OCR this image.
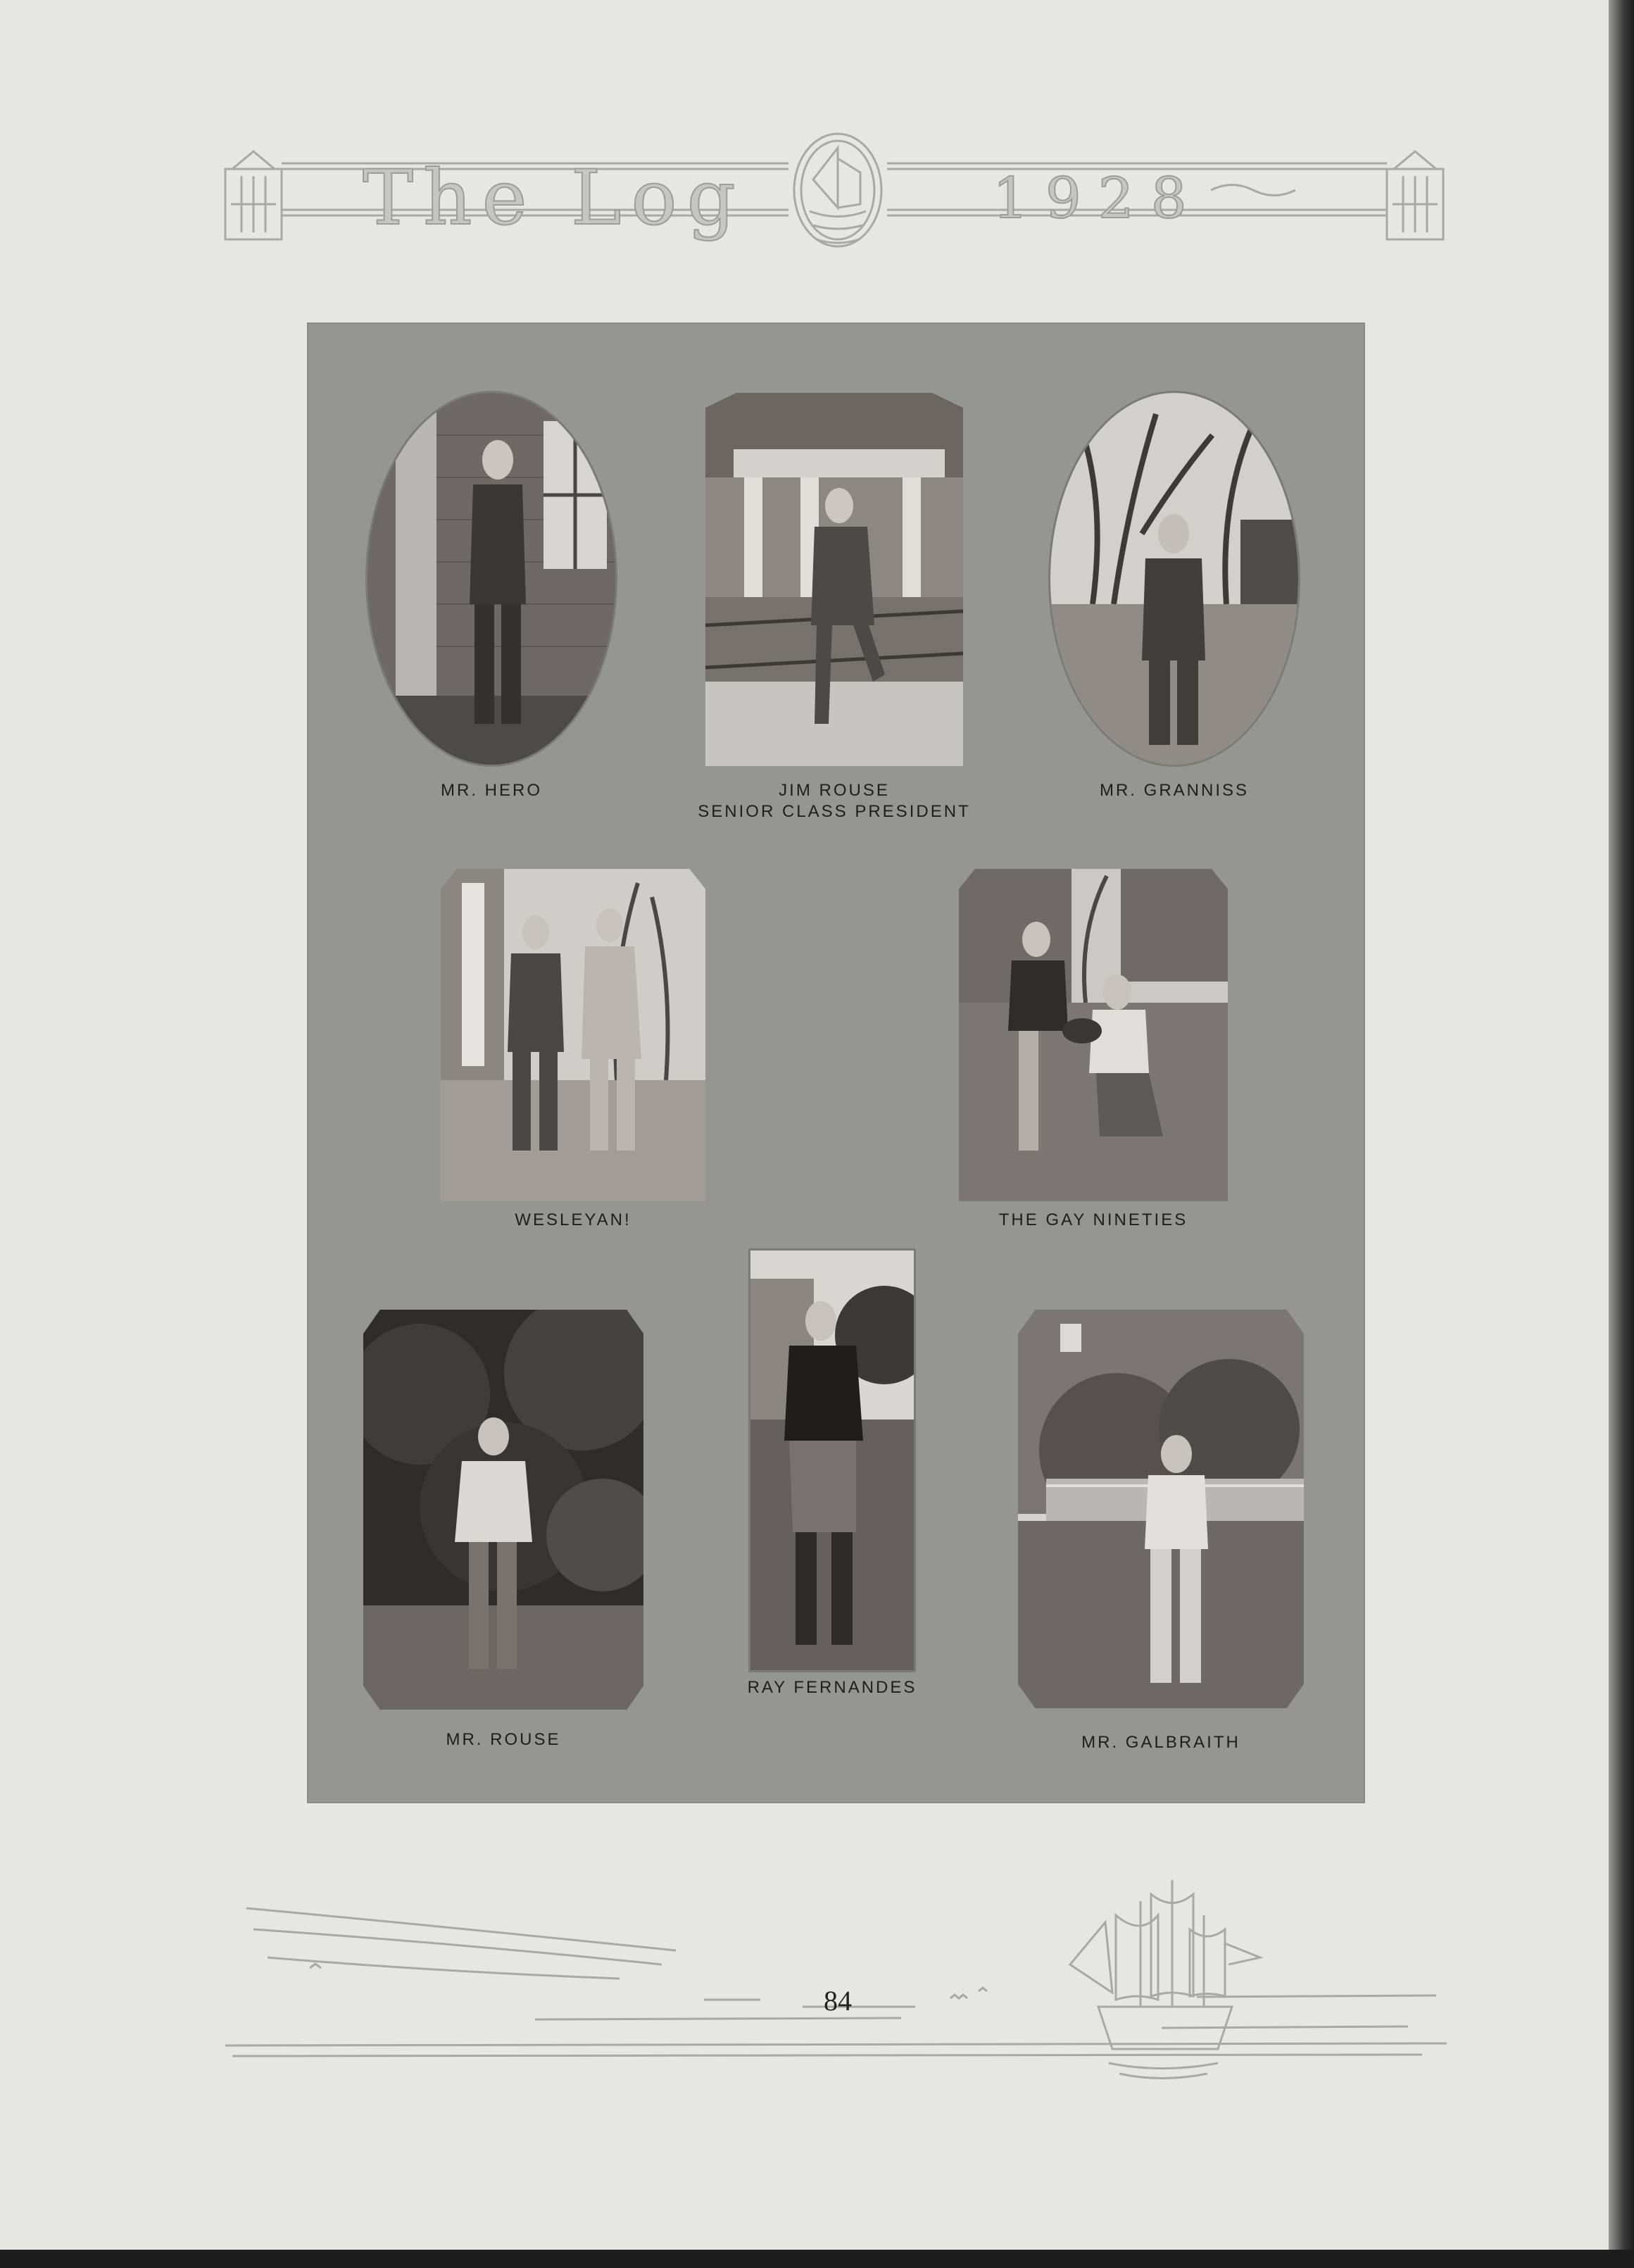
The Log	1928
MR. HERO	JIM ROUSE
SENIOR CLASS PRESIDENT
MR. GRANNISS
WESLEYAN!	THE GAY NINETIES
MR. ROUSE
RAY FERNANDES
MR. GALBRAITH
84
